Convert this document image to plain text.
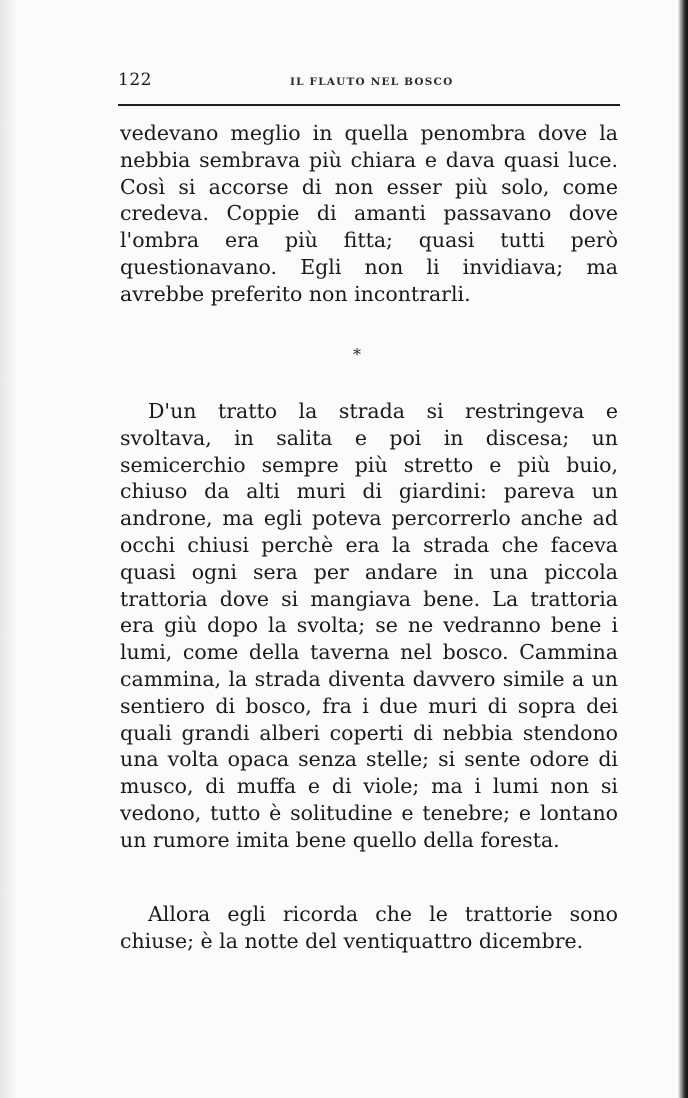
122	IL FLAUTO NEL BOSCO

vedevano meglio in quella penombra dove la nebbia sembrava più chiara e dava quasi luce. Così si accorse di non esser più solo, come credeva. Coppie di amanti passavano dove l'ombra era più fitta; quasi tutti però questionavano. Egli non li invidiava; ma avrebbe preferito non incontrarli.

*

D'un tratto la strada si restringeva e svoltava, in salita e poi in discesa; un semicerchio sempre più stretto e più buio, chiuso da alti muri di giardini: pareva un androne, ma egli poteva percorrerlo anche ad occhi chiusi perchè era la strada che faceva quasi ogni sera per andare in una piccola trattoria dove si mangiava bene. La trattoria era giù dopo la svolta; se ne vedranno bene i lumi, come della taverna nel bosco. Cammina cammina, la strada diventa davvero simile a un sentiero di bosco, fra i due muri di sopra dei quali grandi alberi coperti di nebbia stendono una volta opaca senza stelle; si sente odore di musco, di muffa e di viole; ma i lumi non si vedono, tutto è solitudine e tenebre; e lontano un rumore imita bene quello della foresta.

Allora egli ricorda che le trattorie sono chiuse; è la notte del ventiquattro dicembre.
